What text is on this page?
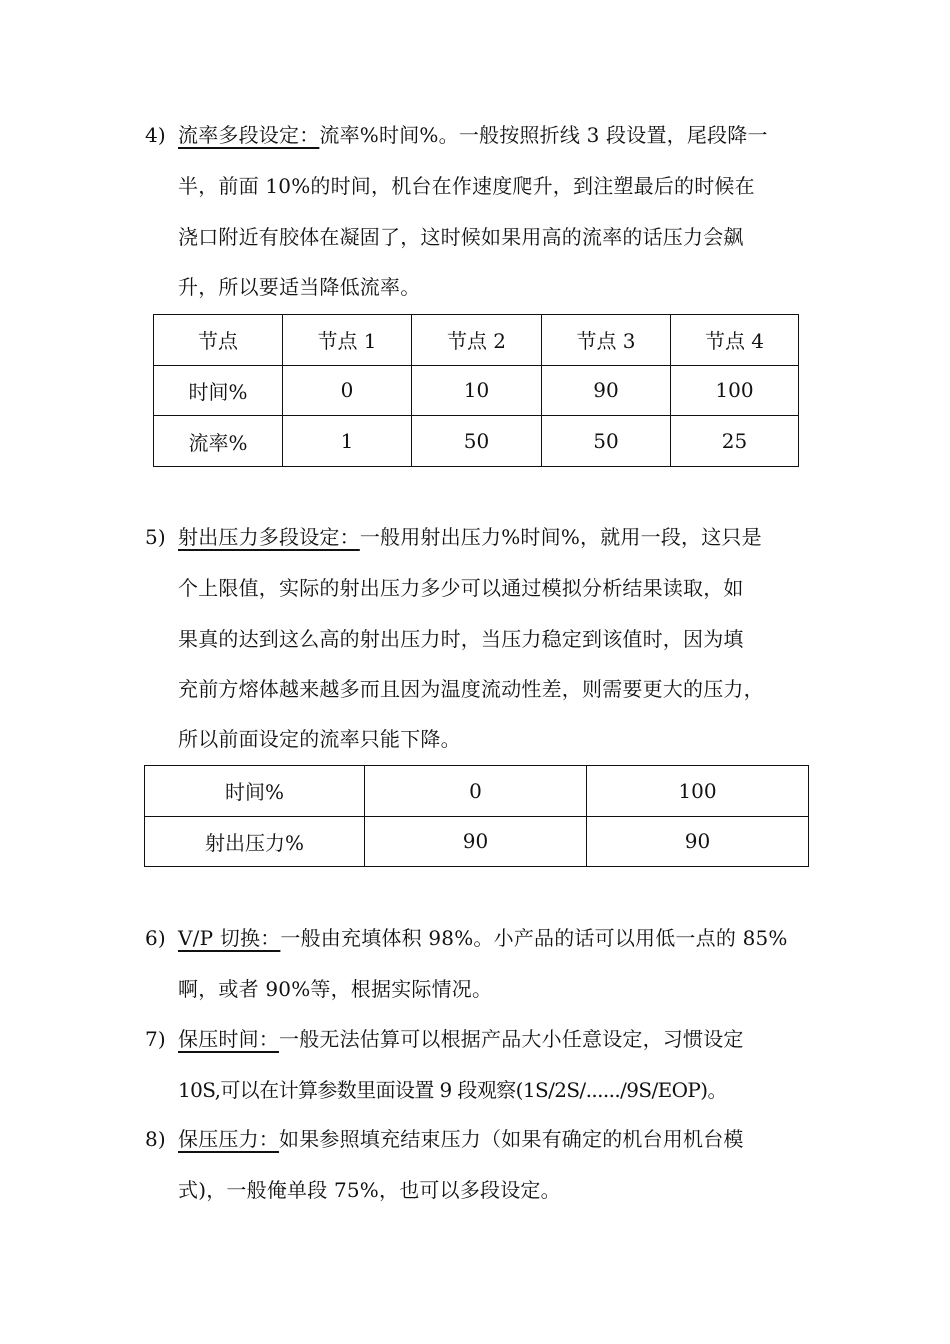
4) 流率多段设定：流率%时间%。一般按照折线 3 段设置，尾段降一
半，前面 10%的时间，机台在作速度爬升，到注塑最后的时候在
浇口附近有胶体在凝固了，这时候如果用高的流率的话压力会飙
升，所以要适当降低流率。
节点	节点 1	节点 2	节点 3	节点 4
时间%	0	10	90	100
流率%	1	50	50	25
5) 射出压力多段设定：一般用射出压力%时间%，就用一段，这只是
个上限值，实际的射出压力多少可以通过模拟分析结果读取，如
果真的达到这么高的射出压力时，当压力稳定到该值时，因为填
充前方熔体越来越多而且因为温度流动性差，则需要更大的压力，
所以前面设定的流率只能下降。
时间%	0	100
射出压力%	90	90
6) V/P 切换：一般由充填体积 98%。小产品的话可以用低一点的 85%
啊，或者 90%等，根据实际情况。
7) 保压时间：一般无法估算可以根据产品大小任意设定，习惯设定
10S,可以在计算参数里面设置 9 段观察(1S/2S/....../9S/EOP)。
8) 保压压力：如果参照填充结束压力（如果有确定的机台用机台模
式)，一般俺单段 75%，也可以多段设定。
